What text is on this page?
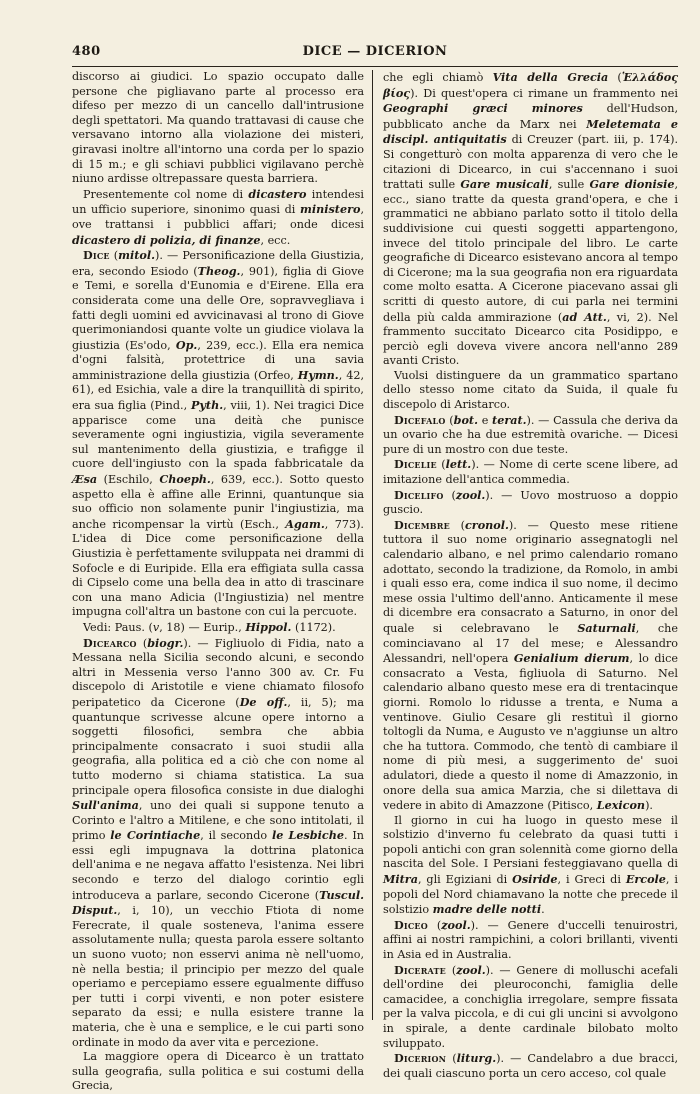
480	DICE — DICERION

discorso ai giudici. Lo spazio occupato dalle persone che pigliavano parte al processo era difeso per mezzo di un cancello dall'intrusione degli spettatori. Ma quando trattavasi di cause che versavano intorno alla violazione dei misteri, giravasi inoltre all'intorno una corda per lo spazio di 15 m.; e gli schiavi pubblici vigilavano perchè niuno ardisse oltrepassare questa barriera.

Presentemente col nome di dicastero intendesi un ufficio superiore, sinonimo quasi di ministero, ove trattansi i pubblici affari; onde dicesi dicastero di polizia, di finanze, ecc.

Dice (mitol.). — Personificazione della Giustizia, era, secondo Esiodo (Theog., 901), figlia di Giove e Temi, e sorella d'Eunomia e d'Eirene. Ella era considerata come una delle Ore, sopravvegliava i fatti degli uomini ed avvicinavasi al trono di Giove querimoniandosi quante volte un giudice violava la giustizia (Es'odo, Op., 239, ecc.). Ella era nemica d'ogni falsità, protettrice di una savia amministrazione della giustizia (Orfeo, Hymn., 42, 61), ed Esichia, vale a dire la tranquillità di spirito, era sua figlia (Pind., Pyth., viii, 1). Nei tragici Dice apparisce come una deità che punisce severamente ogni ingiustizia, vigila severamente sul mantenimento della giustizia, e trafigge il cuore dell'ingiusto con la spada fabbricatale da Æsa (Eschilo, Choeph., 639, ecc.). Sotto questo aspetto ella è affine alle Erinni, quantunque sia suo officio non solamente punir l'ingiustizia, ma anche ricompensar la virtù (Esch., Agam., 773). L'idea di Dice come personificazione della Giustizia è perfettamente sviluppata nei drammi di Sofocle e di Euripide. Ella era effigiata sulla cassa di Cipselo come una bella dea in atto di trascinare con una mano Adicia (l'Ingiustizia) nel mentre impugna coll'altra un bastone con cui la percuote.

Vedi: Paus. (v, 18) — Eurip., Hippol. (1172).

Dicearco (biogr.). — Figliuolo di Fidia, nato a Messana nella Sicilia secondo alcuni, e secondo altri in Messenia verso l'anno 300 av. Cr. Fu discepolo di Aristotile e viene chiamato filosofo peripatetico da Cicerone (De off., ii, 5); ma quantunque scrivesse alcune opere intorno a soggetti filosofici, sembra che abbia principalmente consacrato i suoi studii alla geografia, alla politica ed a ciò che con nome al tutto moderno si chiama statistica. La sua principale opera filosofica consiste in due dialoghi Sull'anima, uno dei quali si suppone tenuto a Corinto e l'altro a Mitilene, e che sono intitolati, il primo le Corintiache, il secondo le Lesbiche. In essi egli impugnava la dottrina platonica dell'anima e ne negava affatto l'esistenza. Nei libri secondo e terzo del dialogo corintio egli introduceva a parlare, secondo Cicerone (Tuscul. Disput., i, 10), un vecchio Ftiota di nome Ferecrate, il quale sosteneva, l'anima essere assolutamente nulla; questa parola essere soltanto un suono vuoto; non esservi anima nè nell'uomo, nè nella bestia; il principio per mezzo del quale operiamo e percepiamo essere egualmente diffuso per tutti i corpi viventi, e non poter esistere separato da essi; e nulla esistere tranne la materia, che è una e semplice, e le cui parti sono ordinate in modo da aver vita e percezione.

La maggiore opera di Dicearco è un trattato sulla geografia, sulla politica e sui costumi della Grecia,

che egli chiamò Vita della Grecia (Ἑλλάδος βίος). Di quest'opera ci rimane un frammento nei Geographi græci minores dell'Hudson, pubblicato anche da Marx nei Meletemata e discipl. antiquitatis di Creuzer (part. iii, p. 174). Si congetturò con molta apparenza di vero che le citazioni di Dicearco, in cui s'accennano i suoi trattati sulle Gare musicali, sulle Gare dionisie, ecc., siano tratte da questa grand'opera, e che i grammatici ne abbiano parlato sotto il titolo della suddivisione cui questi soggetti appartengono, invece del titolo principale del libro. Le carte geografiche di Dicearco esistevano ancora al tempo di Cicerone; ma la sua geografia non era riguardata come molto esatta. A Cicerone piacevano assai gli scritti di questo autore, di cui parla nei termini della più calda ammirazione (ad Att., vi, 2). Nel frammento succitato Dicearco cita Posidippo, e perciò egli doveva vivere ancora nell'anno 289 avanti Cristo.

Vuolsi distinguere da un grammatico spartano dello stesso nome citato da Suida, il quale fu discepolo di Aristarco.

Dicefalo (bot. e terat.). — Cassula che deriva da un ovario che ha due estremità ovariche. — Dicesi pure di un mostro con due teste.

Dicelie (lett.). — Nome di certe scene libere, ad imitazione dell'antica commedia.

Dicelifo (zool.). — Uovo mostruoso a doppio guscio.

Dicembre (cronol.). — Questo mese ritiene tuttora il suo nome originario assegnatogli nel calendario albano, e nel primo calendario romano adottato, secondo la tradizione, da Romolo, in ambi i quali esso era, come indica il suo nome, il decimo mese ossia l'ultimo dell'anno. Anticamente il mese di dicembre era consacrato a Saturno, in onor del quale si celebravano le Saturnali, che cominciavano al 17 del mese; e Alessandro Alessandri, nell'opera Genialium dierum, lo dice consacrato a Vesta, figliuola di Saturno. Nel calendario albano questo mese era di trentacinque giorni. Romolo lo ridusse a trenta, e Numa a ventinove. Giulio Cesare gli restituì il giorno toltogli da Numa, e Augusto ve n'aggiunse un altro che ha tuttora. Commodo, che tentò di cambiare il nome di più mesi, a suggerimento de' suoi adulatori, diede a questo il nome di Amazzonio, in onore della sua amica Marzia, che si dilettava di vedere in abito di Amazzone (Pitisco, Lexicon).

Il giorno in cui ha luogo in questo mese il solstizio d'inverno fu celebrato da quasi tutti i popoli antichi con gran solennità come giorno della nascita del Sole. I Persiani festeggiavano quella di Mitra, gli Egiziani di Osiride, i Greci di Ercole, i popoli del Nord chiamavano la notte che precede il solstizio madre delle notti.

Diceo (zool.). — Genere d'uccelli tenuirostri, affini ai nostri rampichini, a colori brillanti, viventi in Asia ed in Australia.

Dicerate (zool.). — Genere di molluschi acefali dell'ordine dei pleuroconchi, famiglia delle camacidee, a conchiglia irregolare, sempre fissata per la valva piccola, e di cui gli uncini si avvolgono in spirale, a dente cardinale bilobato molto sviluppato.

Dicerion (liturg.). — Candelabro a due bracci, dei quali ciascuno porta un cero acceso, col quale
